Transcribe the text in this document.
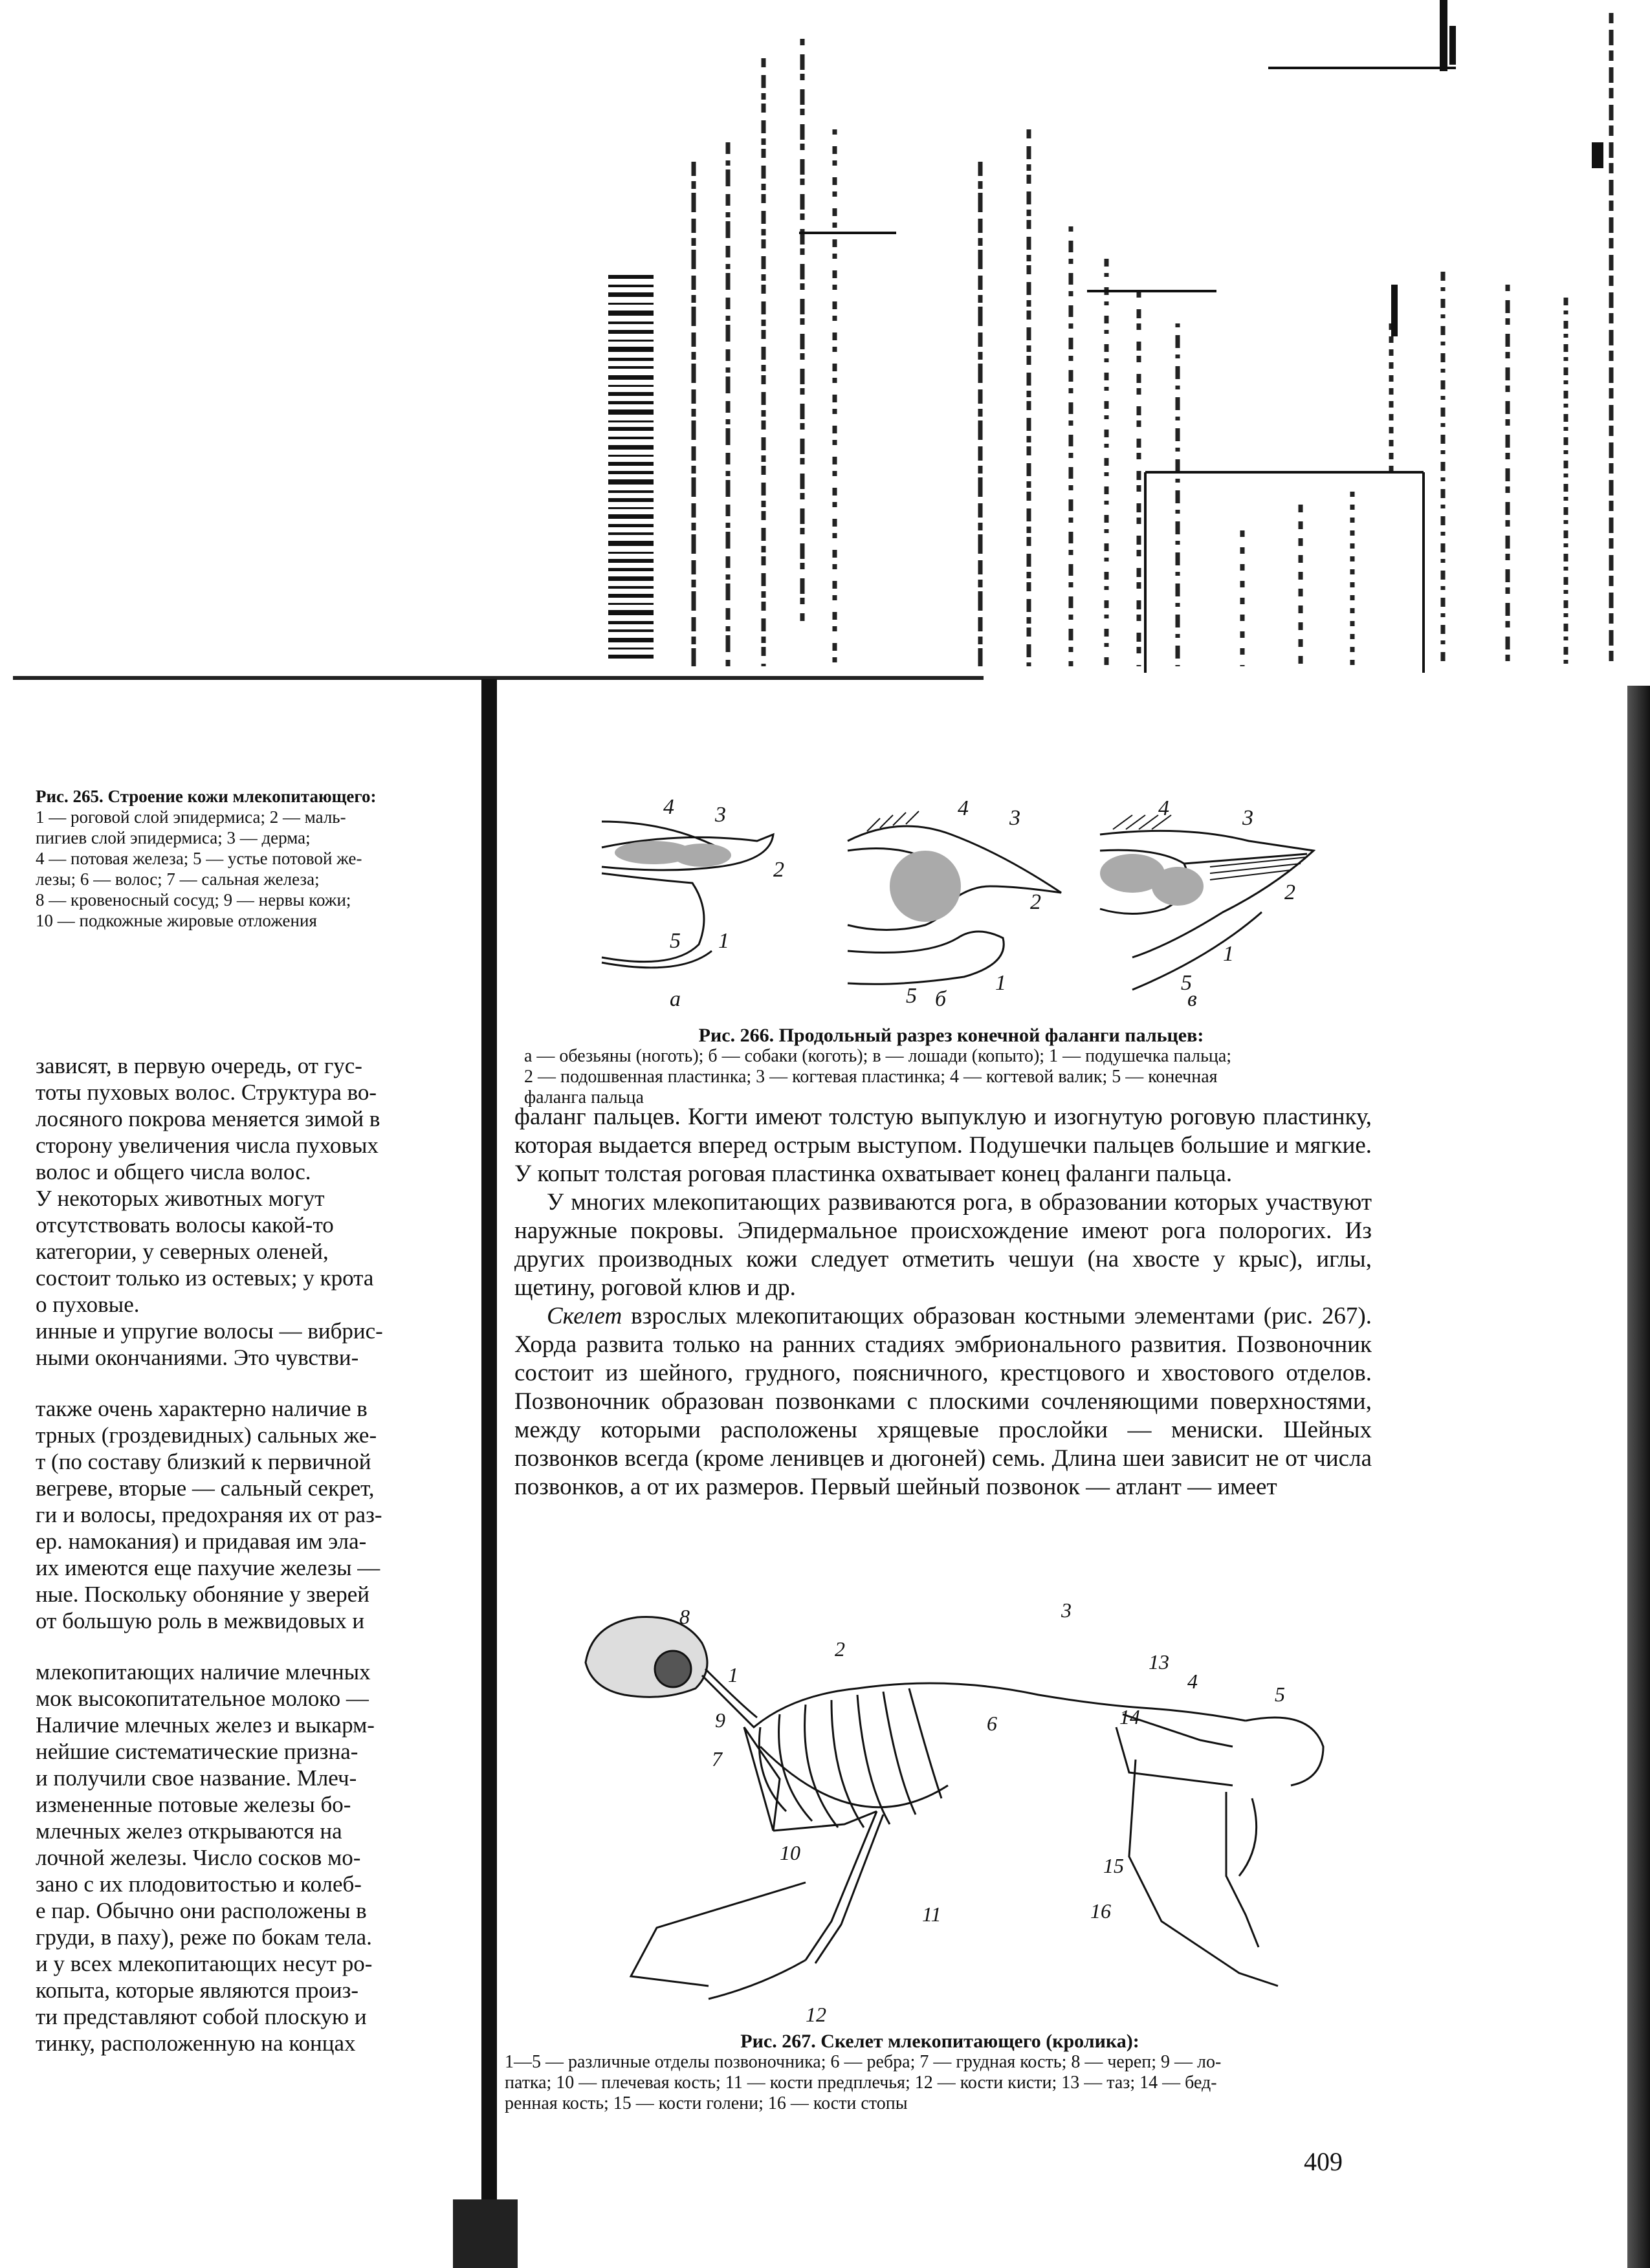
Рис. 265. Строение кожи млекопитающего:
1 — роговой слой эпидермиса; 2 — маль-
пигиев слой эпидермиса; 3 — дерма;
4 — потовая железа; 5 — устье потовой же-
лезы; 6 — волос; 7 — сальная железа;
8 — кровеносный сосуд; 9 — нервы кожи;
10 — подкожные жировые отложения

зависят, в первую очередь, от гус-

тоты пуховых волос. Структура во-

лосяного покрова меняется зимой в

сторону увеличения числа пуховых

волос и общего числа волос.

У некоторых животных могут

отсутствовать волосы какой-то

категории, у северных оленей,

состоит только из остевых; у крота

о пуховые.

инные и упругие волосы — вибрис-

ными окончаниями. Это чувстви-

также очень характерно наличие в

трных (гроздевидных) сальных же-

т (по составу близкий к первичной

вегреве, вторые — сальный секрет,

ги и волосы, предохраняя их от раз-

ер. намокания) и придавая им эла-

их имеются еще пахучие железы —

ные. Поскольку обоняние у зверей

от большую роль в межвидовых и

млекопитающих наличие млечных

мок высокопитательное молоко —

Наличие млечных желез и выкарм-

нейшие систематические призна-

и получили свое название. Млеч-

измененные потовые железы бо-

млечных желез открываются на

лочной железы. Число сосков мо-

зано с их плодовитостью и колеб-

е пар. Обычно они расположены в

груди, в паху), реже по бокам тела.

и у всех млекопитающих несут ро-

копыта, которые являются произ-

ти представляют собой плоскую и

тинку, расположенную на концах

4 3
2
5 1
4 3
2
5
1
4	3
2
1
5
а	б	в
Рис. 266. Продольный разрез конечной фаланги пальцев:
а — обезьяны (ноготь); б — собаки (коготь); в — лошади (копыто); 1 — подушечка пальца;
2 — подошвенная пластинка; 3 — когтевая пластинка; 4 — когтевой валик; 5 — конечная
фаланга пальца

фаланг пальцев. Когти имеют толстую выпуклую и изогнутую роговую пластинку, которая выдается вперед острым выступом. Подушечки пальцев большие и мягкие. У копыт толстая роговая пластинка охватывает конец фаланги пальца.

У многих млекопитающих развиваются рога, в образовании которых участвуют наружные покровы. Эпидермальное происхождение имеют рога полорогих. Из других производных кожи следует отметить чешуи (на хвосте у крыс), иглы, щетину, роговой клюв и др.

Скелет взрослых млекопитающих образован костными элементами (рис. 267). Хорда развита только на ранних стадиях эмбрионального развития. Позвоночник состоит из шейного, грудного, поясничного, крестцового и хвостового отделов. Позвоночник образован позвонками с плоскими сочленяющими поверхностями, между которыми расположены хрящевые прослойки — мениски. Шейных позвонков всегда (кроме ленивцев и дюгоней) семь. Длина шеи зависит не от числа позвонков, а от их размеров. Первый шейный позвонок — атлант — имеет

8
1
2
3
13
4
5
6	14
9
7
10
11
15
16
12
Рис. 267. Скелет млекопитающего (кролика):
1—5 — различные отделы позвоночника; 6 — ребра; 7 — грудная кость; 8 — череп; 9 — ло-
патка; 10 — плечевая кость; 11 — кости предплечья; 12 — кости кисти; 13 — таз; 14 — бед-
ренная кость; 15 — кости голени; 16 — кости стопы
409
